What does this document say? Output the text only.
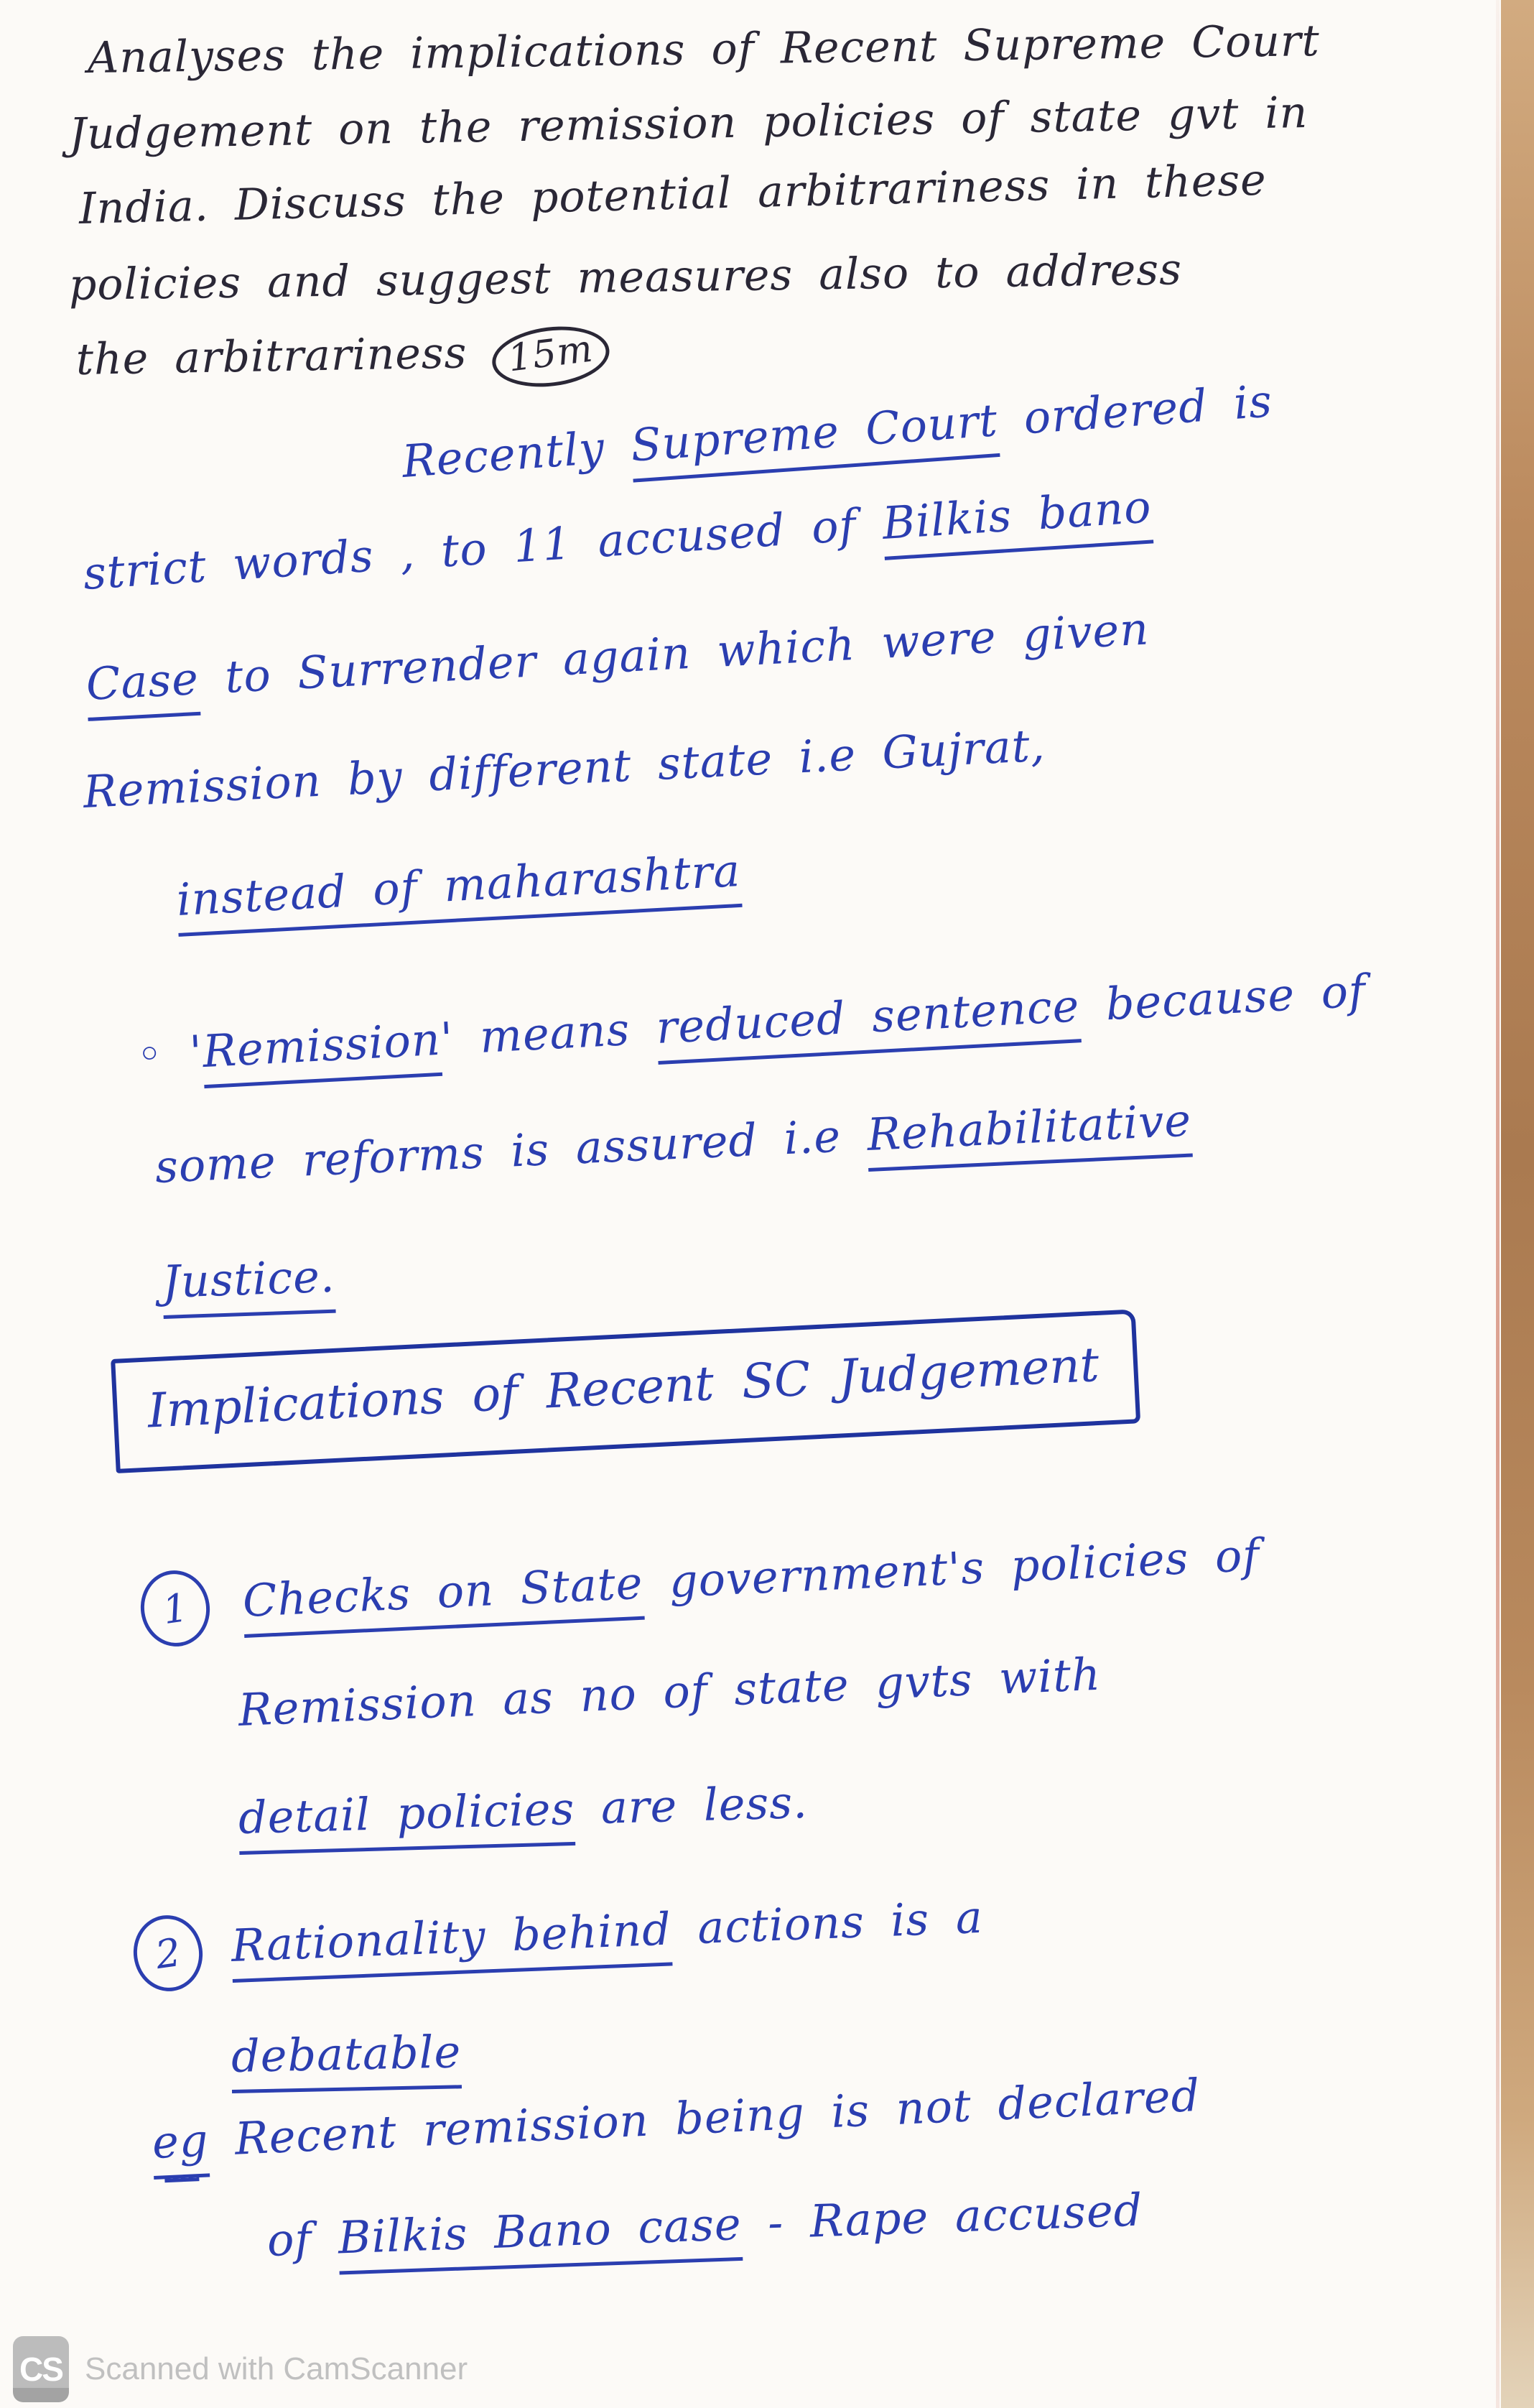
Analyses the implications of Recent Supreme Court
Judgement on the remission policies of state gvt in
India. Discuss the potential arbitrariness in these
policies and suggest measures also to address
the arbitrariness 15m
Recently Supreme Court ordered is
strict words , to 11 accused of Bilkis bano
Case to Surrender again which were given
Remission by different state i.e Gujrat,
instead of maharashtra
◦ 'Remission' means reduced sentence because of
some reforms is assured i.e Rehabilitative
Justice.
Implications of Recent SC Judgement
1	Checks on State government's policies of
Remission as no of state gvts with
detail policies are less.
2	Rationality behind actions is a
debatable
eg Recent remission being is not declared
of Bilkis Bano case - Rape accused
CS Scanned with CamScanner
